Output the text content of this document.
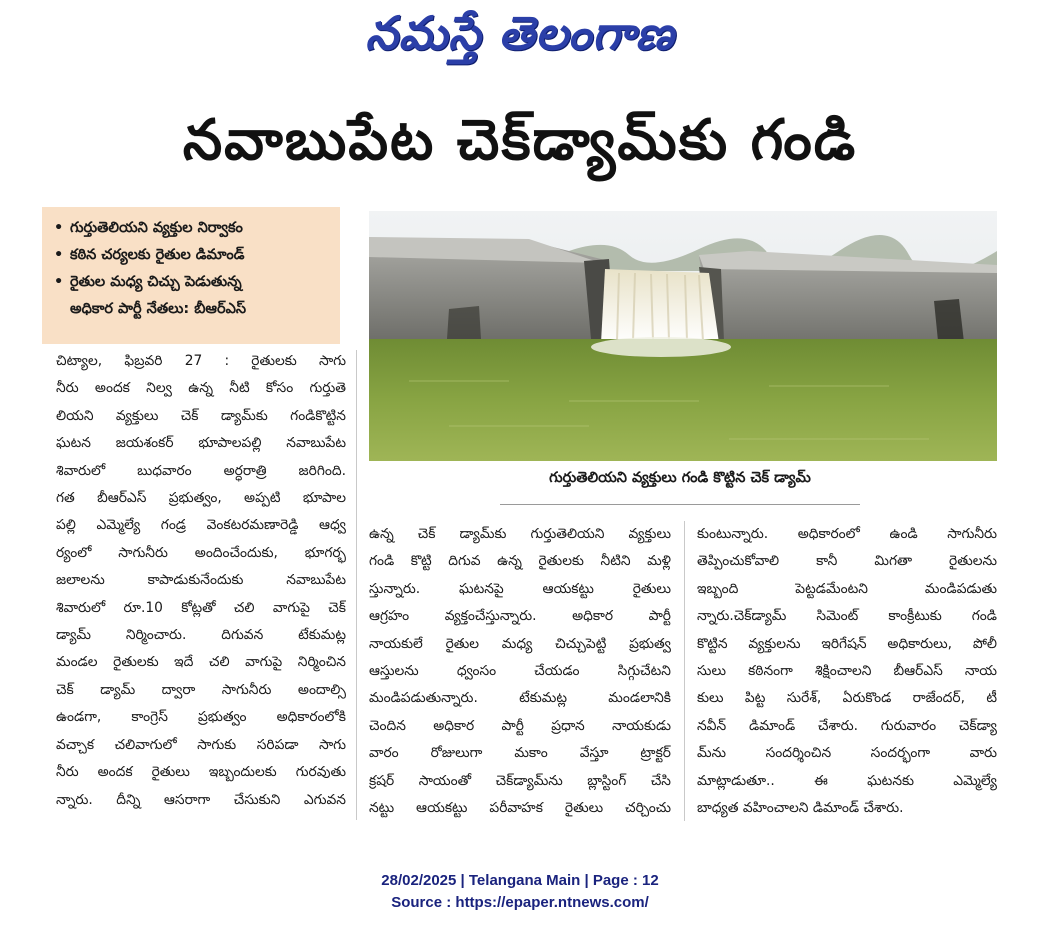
నమస్తే తెలంగాణ
నవాబుపేట చెక్‌డ్యామ్‌కు గండి
• గుర్తుతెలియని వ్యక్తుల నిర్వాకం
• కఠిన చర్యలకు రైతుల డిమాండ్
• రైతుల మధ్య చిచ్చు పెడుతున్న
అధికార పార్టీ నేతలు: బీఆర్‌ఎస్
గుర్తుతెలియని వ్యక్తులు గండి కొట్టిన చెక్ డ్యామ్
చిట్యాల, ఫిబ్రవరి 27 : రైతులకు సాగు
నీరు అందక నిల్వ ఉన్న నీటి కోసం గుర్తుతె
లియని వ్యక్తులు చెక్ డ్యామ్‌కు గండికొట్టిన
ఘటన జయశంకర్ భూపాలపల్లి నవాబుపేట
శివారులో బుధవారం అర్ధరాత్రి జరిగింది.
గత బీఆర్‌ఎస్ ప్రభుత్వం, అప్పటి భూపాల
పల్లి ఎమ్మెల్యే గండ్ర వెంకటరమణారెడ్డి ఆధ్వ
ర్యంలో సాగునీరు అందించేందుకు, భూగర్భ
జలాలను కాపాడుకునేందుకు నవాబుపేట
శివారులో రూ.10 కోట్లతో చలి వాగుపై చెక్
డ్యామ్ నిర్మించారు. దిగువన టేకుమట్ల
మండల రైతులకు ఇదే చలి వాగుపై నిర్మించిన
చెక్ డ్యామ్ ద్వారా సాగునీరు అందాల్సి
ఉండగా, కాంగ్రెస్ ప్రభుత్వం అధికారంలోకి
వచ్చాక చలివాగులో సాగుకు సరిపడా సాగు
నీరు అందక రైతులు ఇబ్బందులకు గురవుతు
న్నారు. దీన్ని ఆసరాగా చేసుకుని ఎగువన
ఉన్న చెక్ డ్యామ్‌కు గుర్తుతెలియని వ్యక్తులు
గండి కొట్టి దిగువ ఉన్న రైతులకు నీటిని మళ్లి
స్తున్నారు. ఘటనపై ఆయకట్టు రైతులు
ఆగ్రహం వ్యక్తంచేస్తున్నారు. అధికార పార్టీ
నాయకులే రైతుల మధ్య చిచ్చుపెట్టి ప్రభుత్వ
ఆస్తులను ధ్వంసం చేయడం సిగ్గుచేటని
మండిపడుతున్నారు. టేకుమట్ల మండలానికి
చెందిన అధికార పార్టీ ప్రధాన నాయకుడు
వారం రోజులుగా మకాం వేస్తూ ట్రాక్టర్
క్రషర్ సాయంతో చెక్‌డ్యామ్‌ను బ్లాస్టింగ్ చేసి
నట్టు ఆయకట్టు పరీవాహక రైతులు చర్చించు
కుంటున్నారు. అధికారంలో ఉండి సాగునీరు
తెప్పించుకోవాలి కానీ మిగతా రైతులను
ఇబ్బంది పెట్టడమేంటని మండిపడుతు
న్నారు.చెక్‌డ్యామ్ సిమెంట్ కాంక్రీటుకు గండి
కొట్టిన వ్యక్తులను ఇరిగేషన్ అధికారులు, పోలీ
సులు కఠినంగా శిక్షించాలని బీఆర్‌ఎస్ నాయ
కులు పిట్ట సురేశ్, ఏరుకొండ రాజేందర్, టీ
నవీన్ డిమాండ్ చేశారు. గురువారం చెక్‌డ్యా
మ్‌ను సందర్శించిన సందర్భంగా వారు
మాట్లాడుతూ.. ఈ ఘటనకు ఎమ్మెల్యే
బాధ్యత వహించాలని డిమాండ్ చేశారు.
28/02/2025 | Telangana Main | Page : 12
Source : https://epaper.ntnews.com/
